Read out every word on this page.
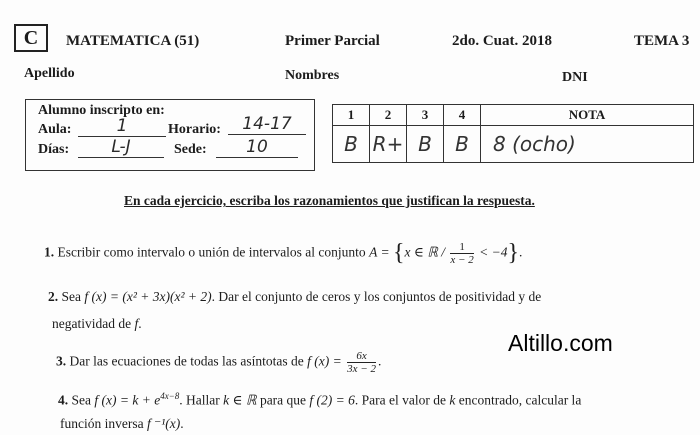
C	MATEMATICA (51)	Primer Parcial	2do. Cuat. 2018	TEMA 3
Apellido	Nombres	DNI
Alumno inscripto en:
Aula:	1	Horario:	14-17
Días:	L-J	Sede:	10
1	2	3	4	NOTA
B	R+	B	B	8 (ocho)
En cada ejercicio, escriba los razonamientos que justifican la respuesta.
1. Escribir como intervalo o unión de intervalos al conjunto A = {x ∈ ℝ / $\frac{1}{x - 2} < -4$}.
2. Sea f (x) = (x² + 3x)(x² + 2). Dar el conjunto de ceros y los conjuntos de positividad y de
negatividad de f.
3. Dar las ecuaciones de todas las asíntotas de f $(x) = \frac{6x}{3x - 2}$ .
Altillo.com
4. Sea f $(x) = k + e^{4x-8}$. Hallar k ∈ ℝ para que f (2) = 6. Para el valor de k encontrado, calcular la
función inversa f ⁻¹(x).
